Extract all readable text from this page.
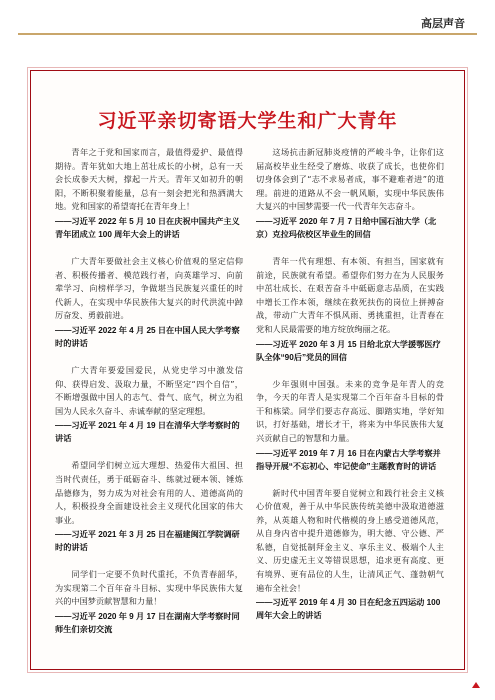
高层声音
习近平亲切寄语大学生和广大青年

青年之于党和国家而言，最值得爱护、最值得期待。青年犹如大地上茁壮成长的小树，总有一天会长成参天大树，撑起一片天。青年又如初升的朝阳，不断积聚着能量，总有一刻会把光和热洒满大地。党和国家的希望寄托在青年身上！

——习近平 2022 年 5 月 10 日在庆祝中国共产主义青年团成立 100 周年大会上的讲话

广大青年要做社会主义核心价值观的坚定信仰者、积极传播者、模范践行者，向英雄学习、向前辈学习、向榜样学习，争做堪当民族复兴重任的时代新人，在实现中华民族伟大复兴的时代洪流中踔厉奋发、勇毅前进。

——习近平 2022 年 4 月 25 日在中国人民大学考察时的讲话

广大青年要爱国爱民，从党史学习中激发信仰、获得启发、汲取力量，不断坚定“四个自信”，不断增强做中国人的志气、骨气、底气，树立为祖国为人民永久奋斗、赤诚奉献的坚定理想。

——习近平 2021 年 4 月 19 日在清华大学考察时的讲话

希望同学们树立远大理想、热爱伟大祖国、担当时代责任，勇于砥砺奋斗、练就过硬本领、锤炼品德修为，努力成为对社会有用的人、道德高尚的人，积极投身全面建设社会主义现代化国家的伟大事业。

——习近平 2021 年 3 月 25 日在福建闽江学院调研时的讲话

同学们一定要不负时代重托，不负青春韶华，为实现第二个百年奋斗目标、实现中华民族伟大复兴的中国梦贡献智慧和力量！

——习近平 2020 年 9 月 17 日在湖南大学考察时同师生们亲切交流

这场抗击新冠肺炎疫情的严峻斗争，让你们这届高校毕业生经受了磨炼、收获了成长，也使你们切身体会到了“志不求易者成，事不避难者进”的道理。前进的道路从不会一帆风顺，实现中华民族伟大复兴的中国梦需要一代一代青年矢志奋斗。

——习近平 2020 年 7 月 7 日给中国石油大学（北京）克拉玛依校区毕业生的回信

青年一代有理想、有本领、有担当，国家就有前途，民族就有希望。希望你们努力在为人民服务中茁壮成长、在艰苦奋斗中砥砺意志品质，在实践中增长工作本领，继续在救死扶伤的岗位上拼搏奋战，带动广大青年不惧风雨、勇挑重担，让青春在党和人民最需要的地方绽放绚丽之花。

——习近平 2020 年 3 月 15 日给北京大学援鄂医疗队全体“90后”党员的回信

少年强则中国强。未来的竞争是年青人的竞争，今天的年青人是实现第二个百年奋斗目标的骨干和栋梁。同学们要志存高远、脚踏实地，学好知识，打好基础，增长才干，将来为中华民族伟大复兴贡献自己的智慧和力量。

——习近平 2019 年 7 月 16 日在内蒙古大学考察并指导开展“不忘初心、牢记使命”主题教育时的讲话

新时代中国青年要自觉树立和践行社会主义核心价值观，善于从中华民族传统美德中汲取道德滋养，从英雄人物和时代楷模的身上感受道德风范，从自身内省中提升道德修为，明大德、守公德、严私德，自觉抵制拜金主义、享乐主义、极端个人主义、历史虚无主义等错误思想，追求更有高度、更有境界、更有品位的人生，让清风正气、蓬勃朝气遍布全社会！

——习近平 2019 年 4 月 30 日在纪念五四运动 100 周年大会上的讲话
